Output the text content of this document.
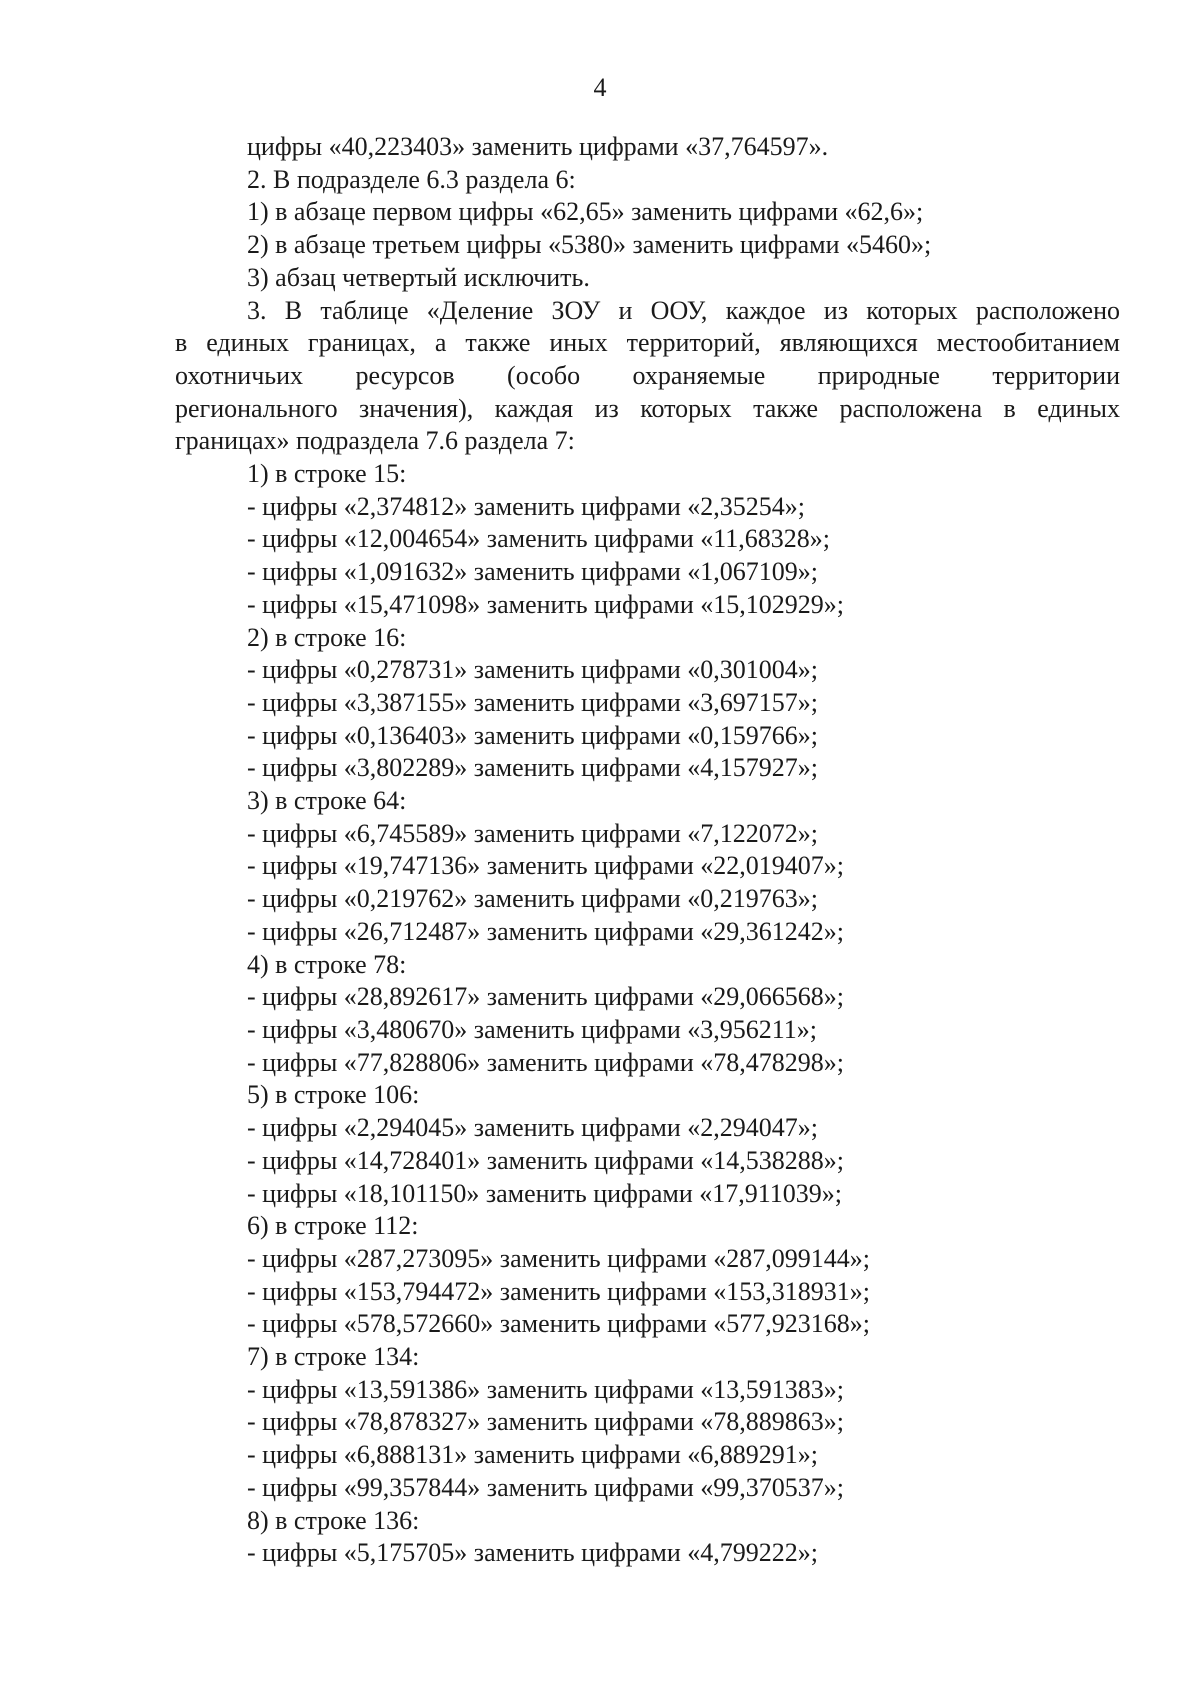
4
цифры «40,223403» заменить цифрами «37,764597».
2. В подразделе 6.3 раздела 6:
1) в абзаце первом цифры «62,65» заменить цифрами «62,6»;
2) в абзаце третьем цифры «5380» заменить цифрами «5460»;
3) абзац четвертый исключить.
3. В таблице «Деление ЗОУ и ООУ, каждое из которых расположено
в единых границах, а также иных территорий, являющихся местообитанием
охотничьих ресурсов (особо охраняемые природные территории
регионального значения), каждая из которых также расположена в единых
границах» подраздела 7.6 раздела 7:
1) в строке 15:
- цифры «2,374812» заменить цифрами «2,35254»;
- цифры «12,004654» заменить цифрами «11,68328»;
- цифры «1,091632» заменить цифрами «1,067109»;
- цифры «15,471098» заменить цифрами «15,102929»;
2) в строке 16:
- цифры «0,278731» заменить цифрами «0,301004»;
- цифры «3,387155» заменить цифрами «3,697157»;
- цифры «0,136403» заменить цифрами «0,159766»;
- цифры «3,802289» заменить цифрами «4,157927»;
3) в строке 64:
- цифры «6,745589» заменить цифрами «7,122072»;
- цифры «19,747136» заменить цифрами «22,019407»;
- цифры «0,219762» заменить цифрами «0,219763»;
- цифры «26,712487» заменить цифрами «29,361242»;
4) в строке 78:
- цифры «28,892617» заменить цифрами «29,066568»;
- цифры «3,480670» заменить цифрами «3,956211»;
- цифры «77,828806» заменить цифрами «78,478298»;
5) в строке 106:
- цифры «2,294045» заменить цифрами «2,294047»;
- цифры «14,728401» заменить цифрами «14,538288»;
- цифры «18,101150» заменить цифрами «17,911039»;
6) в строке 112:
- цифры «287,273095» заменить цифрами «287,099144»;
- цифры «153,794472» заменить цифрами «153,318931»;
- цифры «578,572660» заменить цифрами «577,923168»;
7) в строке 134:
- цифры «13,591386» заменить цифрами «13,591383»;
- цифры «78,878327» заменить цифрами «78,889863»;
- цифры «6,888131» заменить цифрами «6,889291»;
- цифры «99,357844» заменить цифрами «99,370537»;
8) в строке 136:
- цифры «5,175705» заменить цифрами «4,799222»;
